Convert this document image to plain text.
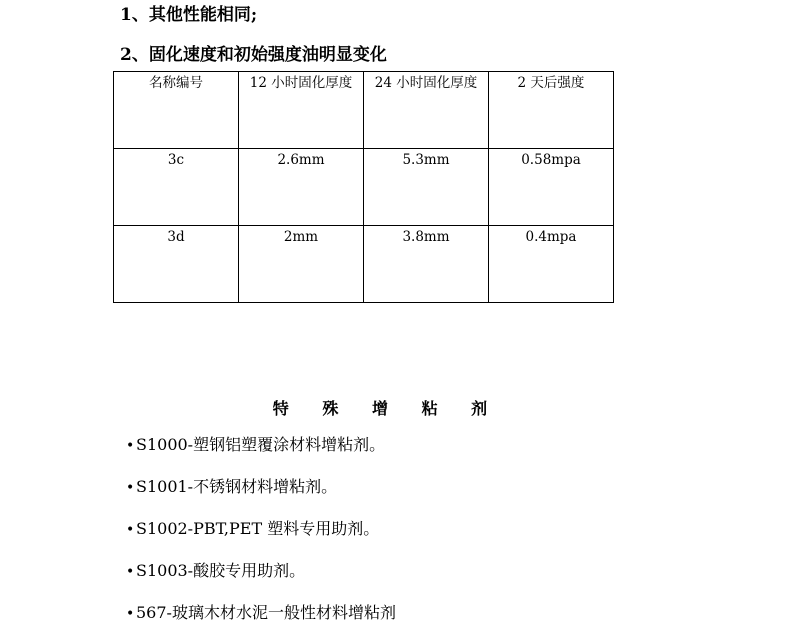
1、其他性能相同;
2、固化速度和初始强度油明显变化
名称编号	12 小时固化厚度	24 小时固化厚度	2 天后强度
3c	2.6mm	5.3mm	0.58mpa
3d	2mm	3.8mm	0.4mpa
特 殊 增 粘 剂
• S1000-塑钢铝塑覆涂材料增粘剂。
• S1001-不锈钢材料增粘剂。
• S1002-PBT,PET 塑料专用助剂。
• S1003-酸胶专用助剂。
• 567-玻璃木材水泥一般性材料增粘剂
